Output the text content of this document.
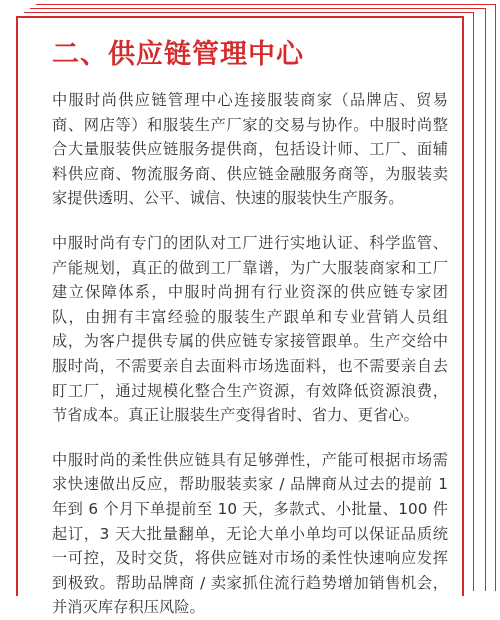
二、供应链管理中心

中服时尚供应链管理中心连接服装商家（品牌店、贸易商、网店等）和服装生产厂家的交易与协作。中服时尚整合大量服装供应链服务提供商，包括设计师、工厂、面辅料供应商、物流服务商、供应链金融服务商等，为服装卖家提供透明、公平、诚信、快速的服装快生产服务。

中服时尚有专门的团队对工厂进行实地认证、科学监管、产能规划，真正的做到工厂靠谱，为广大服装商家和工厂建立保障体系，中服时尚拥有行业资深的供应链专家团队，由拥有丰富经验的服装生产跟单和专业营销人员组成，为客户提供专属的供应链专家接管跟单。生产交给中服时尚，不需要亲自去面料市场选面料，也不需要亲自去盯工厂，通过规模化整合生产资源，有效降低资源浪费，节省成本。真正让服装生产变得省时、省力、更省心。

中服时尚的柔性供应链具有足够弹性，产能可根据市场需求快速做出反应，帮助服装卖家 / 品牌商从过去的提前 1 年到 6 个月下单提前至 10 天，多款式、小批量、100 件起订，3 天大批量翻单，无论大单小单均可以保证品质统一可控，及时交货，将供应链对市场的柔性快速响应发挥到极致。帮助品牌商 / 卖家抓住流行趋势增加销售机会，并消灭库存积压风险。
